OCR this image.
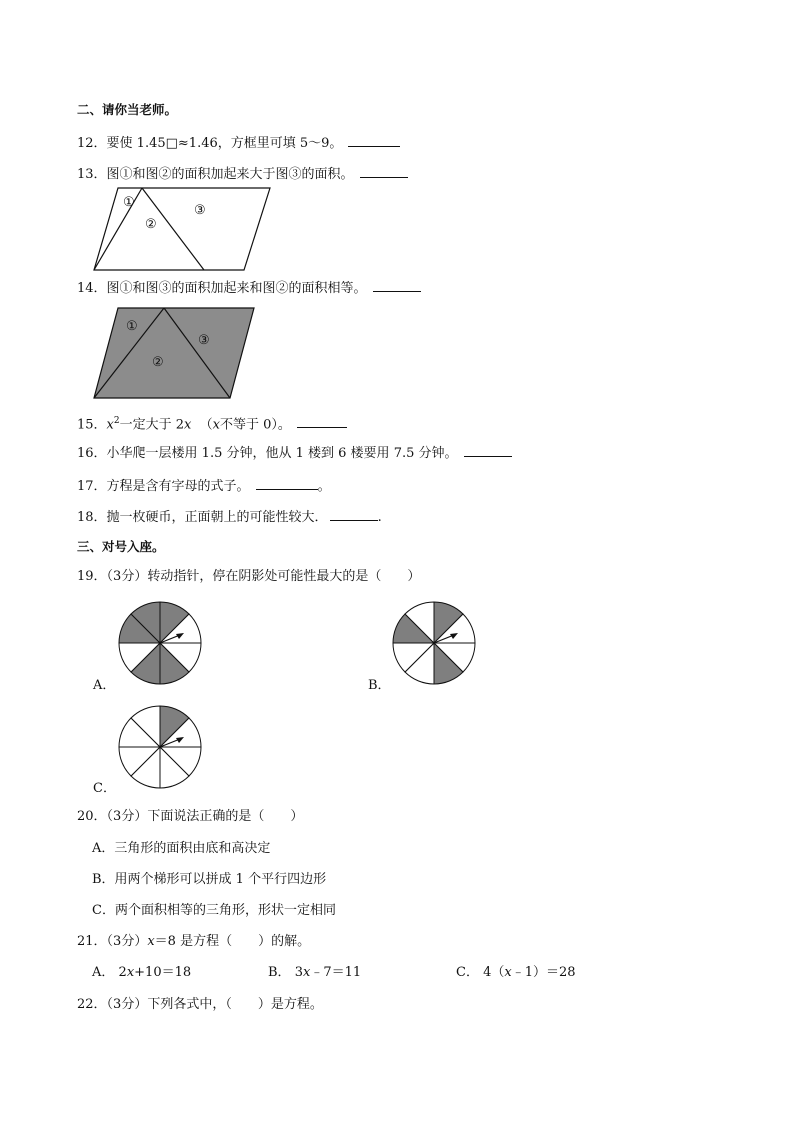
二、请你当老师。
12．要使 1.45□≈1.46，方框里可填 5～9。
13．图①和图②的面积加起来大于图③的面积。
①
②
③
14．图①和图③的面积加起来和图②的面积相等。
①
②
③
15．$x^2$一定大于 2x （x不等于 0）。
16．小华爬一层楼用 1.5 分钟，他从 1 楼到 6 楼要用 7.5 分钟。
17．方程是含有字母的式子。	。
18．抛一枚硬币，正面朝上的可能性较大．	.
三、对号入座。
19．（3分）转动指针，停在阴影处可能性最大的是（　　）
A．	B．
C．
20．（3分）下面说法正确的是（　　）
A．三角形的面积由底和高决定
B．用两个梯形可以拼成 1 个平行四边形
C．两个面积相等的三角形，形状一定相同
21．（3分）x＝8 是方程（　　）的解。
A． 2x+10＝18	B． 3x﹣7＝11	C． 4（x﹣1）＝28
22．（3分）下列各式中，（　　）是方程。
